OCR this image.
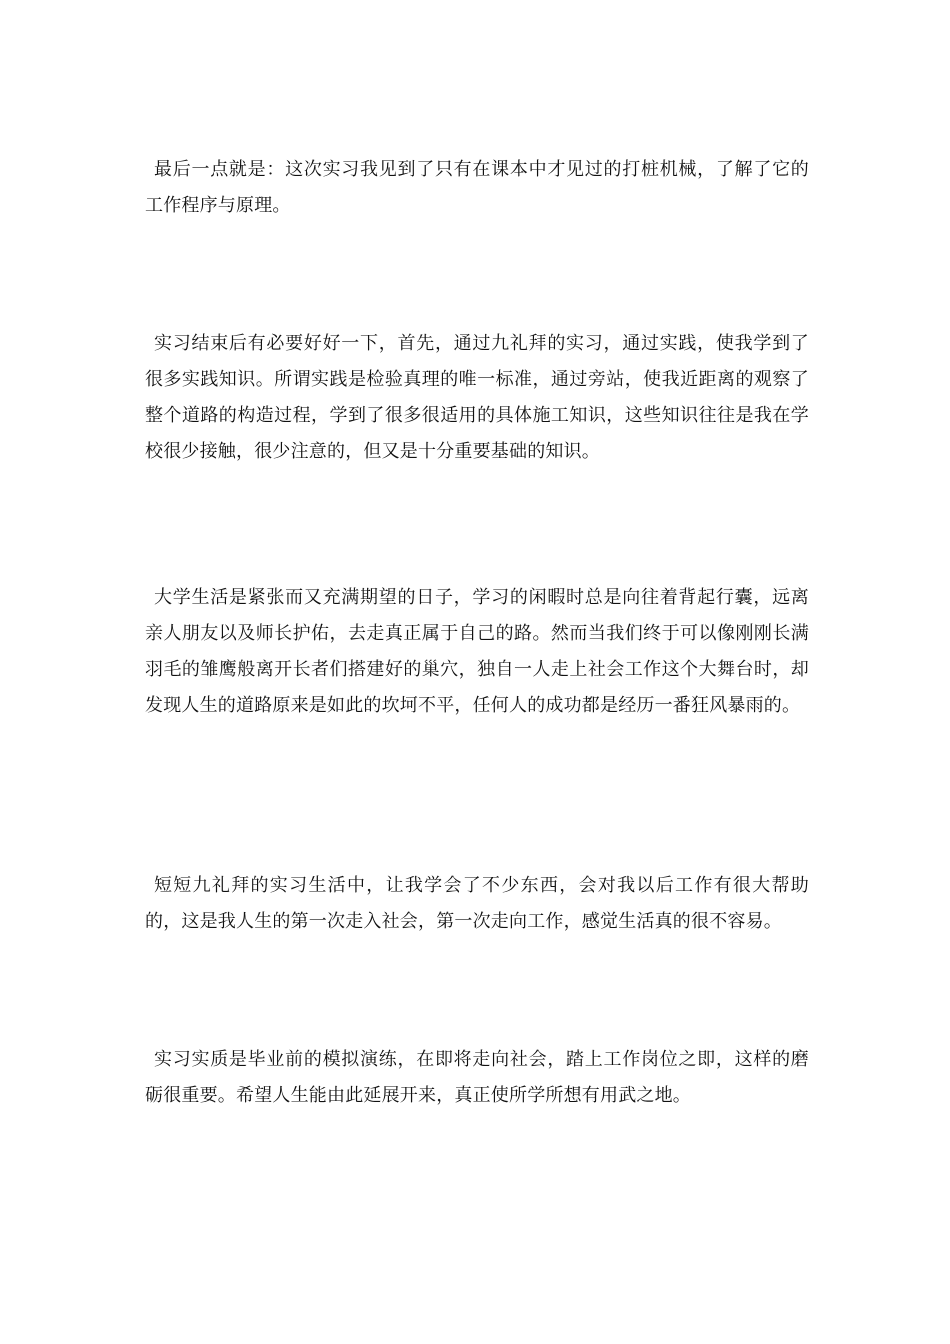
最后一点就是：这次实习我见到了只有在课本中才见过的打桩机械，了解了它的工作程序与原理。

实习结束后有必要好好一下，首先，通过九礼拜的实习，通过实践，使我学到了很多实践知识。所谓实践是检验真理的唯一标准，通过旁站，使我近距离的观察了整个道路的构造过程，学到了很多很适用的具体施工知识，这些知识往往是我在学校很少接触，很少注意的，但又是十分重要基础的知识。

大学生活是紧张而又充满期望的日子，学习的闲暇时总是向往着背起行囊，远离亲人朋友以及师长护佑，去走真正属于自己的路。然而当我们终于可以像刚刚长满羽毛的雏鹰般离开长者们搭建好的巢穴，独自一人走上社会工作这个大舞台时，却发现人生的道路原来是如此的坎坷不平，任何人的成功都是经历一番狂风暴雨的。

短短九礼拜的实习生活中，让我学会了不少东西，会对我以后工作有很大帮助的，这是我人生的第一次走入社会，第一次走向工作，感觉生活真的很不容易。

实习实质是毕业前的模拟演练，在即将走向社会，踏上工作岗位之即，这样的磨砺很重要。希望人生能由此延展开来，真正使所学所想有用武之地。
